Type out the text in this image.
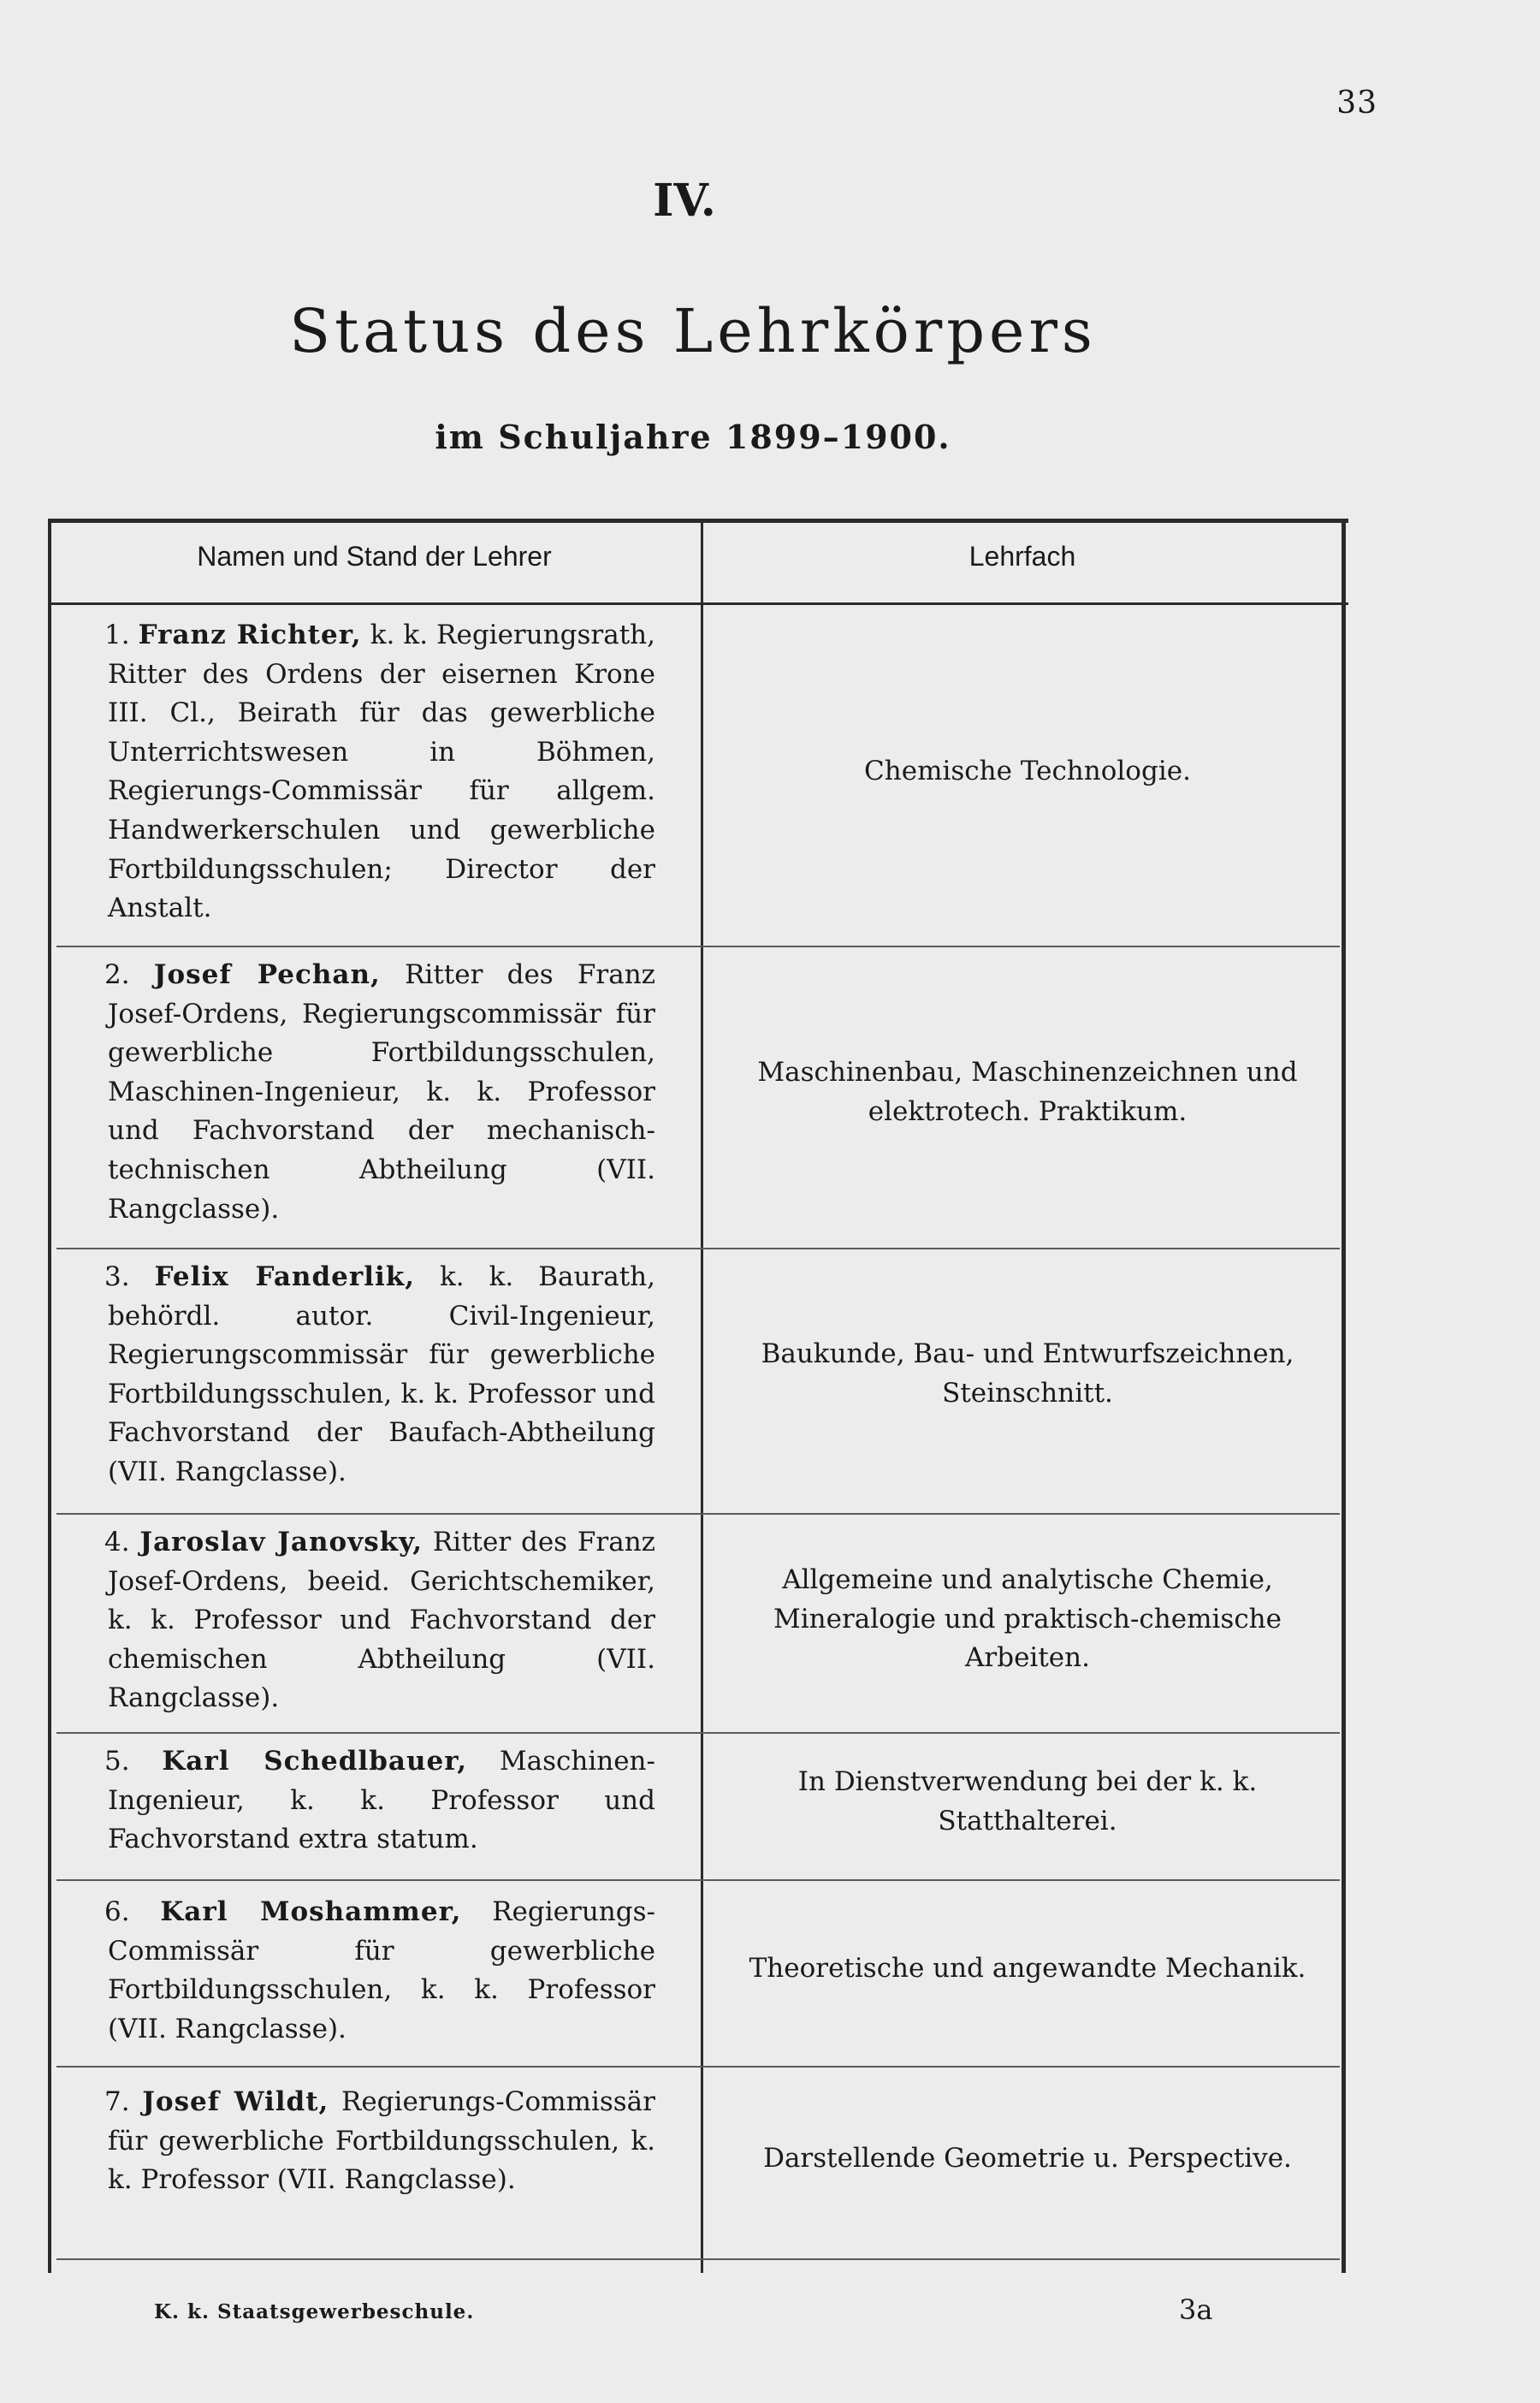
33
IV.
Status des Lehrkörpers
im Schuljahre 1899–1900.
Namen und Stand der Lehrer	Lehrfach
1. Franz Richter, k. k. Regierungsrath, Ritter des Ordens der eisernen Krone III. Cl., Beirath für das gewerbliche Unterrichtswesen in Böhmen, Regierungs-Commissär für allgem. Handwerkerschulen und gewerbliche Fortbildungsschulen; Director der Anstalt.
Chemische Technologie.
2. Josef Pechan, Ritter des Franz Josef-Ordens, Regierungscommissär für gewerbliche Fortbildungsschulen, Maschinen-Ingenieur, k. k. Professor und Fachvorstand der mechanisch-technischen Abtheilung (VII. Rangclasse).
Maschinenbau, Maschinenzeichnen und elektrotech. Praktikum.
3. Felix Fanderlik, k. k. Baurath, behördl. autor. Civil-Ingenieur, Regierungscommissär für gewerbliche Fortbildungsschulen, k. k. Professor und Fachvorstand der Baufach-Abtheilung (VII. Rangclasse).
Baukunde, Bau- und Entwurfszeichnen, Steinschnitt.
4. Jaroslav Janovsky, Ritter des Franz Josef-Ordens, beeid. Gerichtschemiker, k. k. Professor und Fachvorstand der chemischen Abtheilung (VII. Rangclasse).
Allgemeine und analytische Chemie, Mineralogie und praktisch-chemische Arbeiten.
5. Karl Schedlbauer, Maschinen-Ingenieur, k. k. Professor und Fachvorstand extra statum.
In Dienstverwendung bei der k. k. Statthalterei.
6. Karl Moshammer, Regierungs-Commissär für gewerbliche Fortbildungsschulen, k. k. Professor (VII. Rangclasse).
Theoretische und angewandte Mechanik.
7. Josef Wildt, Regierungs-Commissär für gewerbliche Fortbildungsschulen, k. k. Professor (VII. Rangclasse).
Darstellende Geometrie u. Perspective.
K. k. Staatsgewerbeschule.	3a
